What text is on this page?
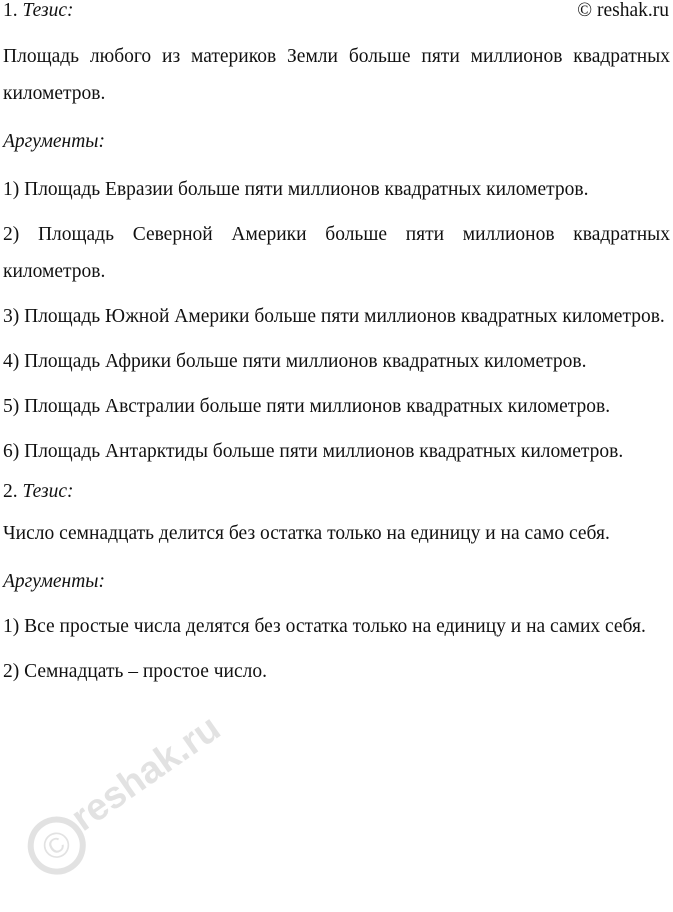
1. Тезис:	© reshak.ru

Площадь любого из материков Земли больше пяти миллионов квадратных километров.

Аргументы:

1) Площадь Евразии больше пяти миллионов квадратных километров.

2) Площадь Северной Америки больше пяти миллионов квадратных километров.

3) Площадь Южной Америки больше пяти миллионов квадратных километров.

4) Площадь Африки больше пяти миллионов квадратных километров.

5) Площадь Австралии больше пяти миллионов квадратных километров.

6) Площадь Антарктиды больше пяти миллионов квадратных километров.

2. Тезис:

Число семнадцать делится без остатка только на единицу и на само себя.

Аргументы:

1) Все простые числа делятся без остатка только на единицу и на самих себя.

2) Семнадцать – простое число.

©
reshak.ru
